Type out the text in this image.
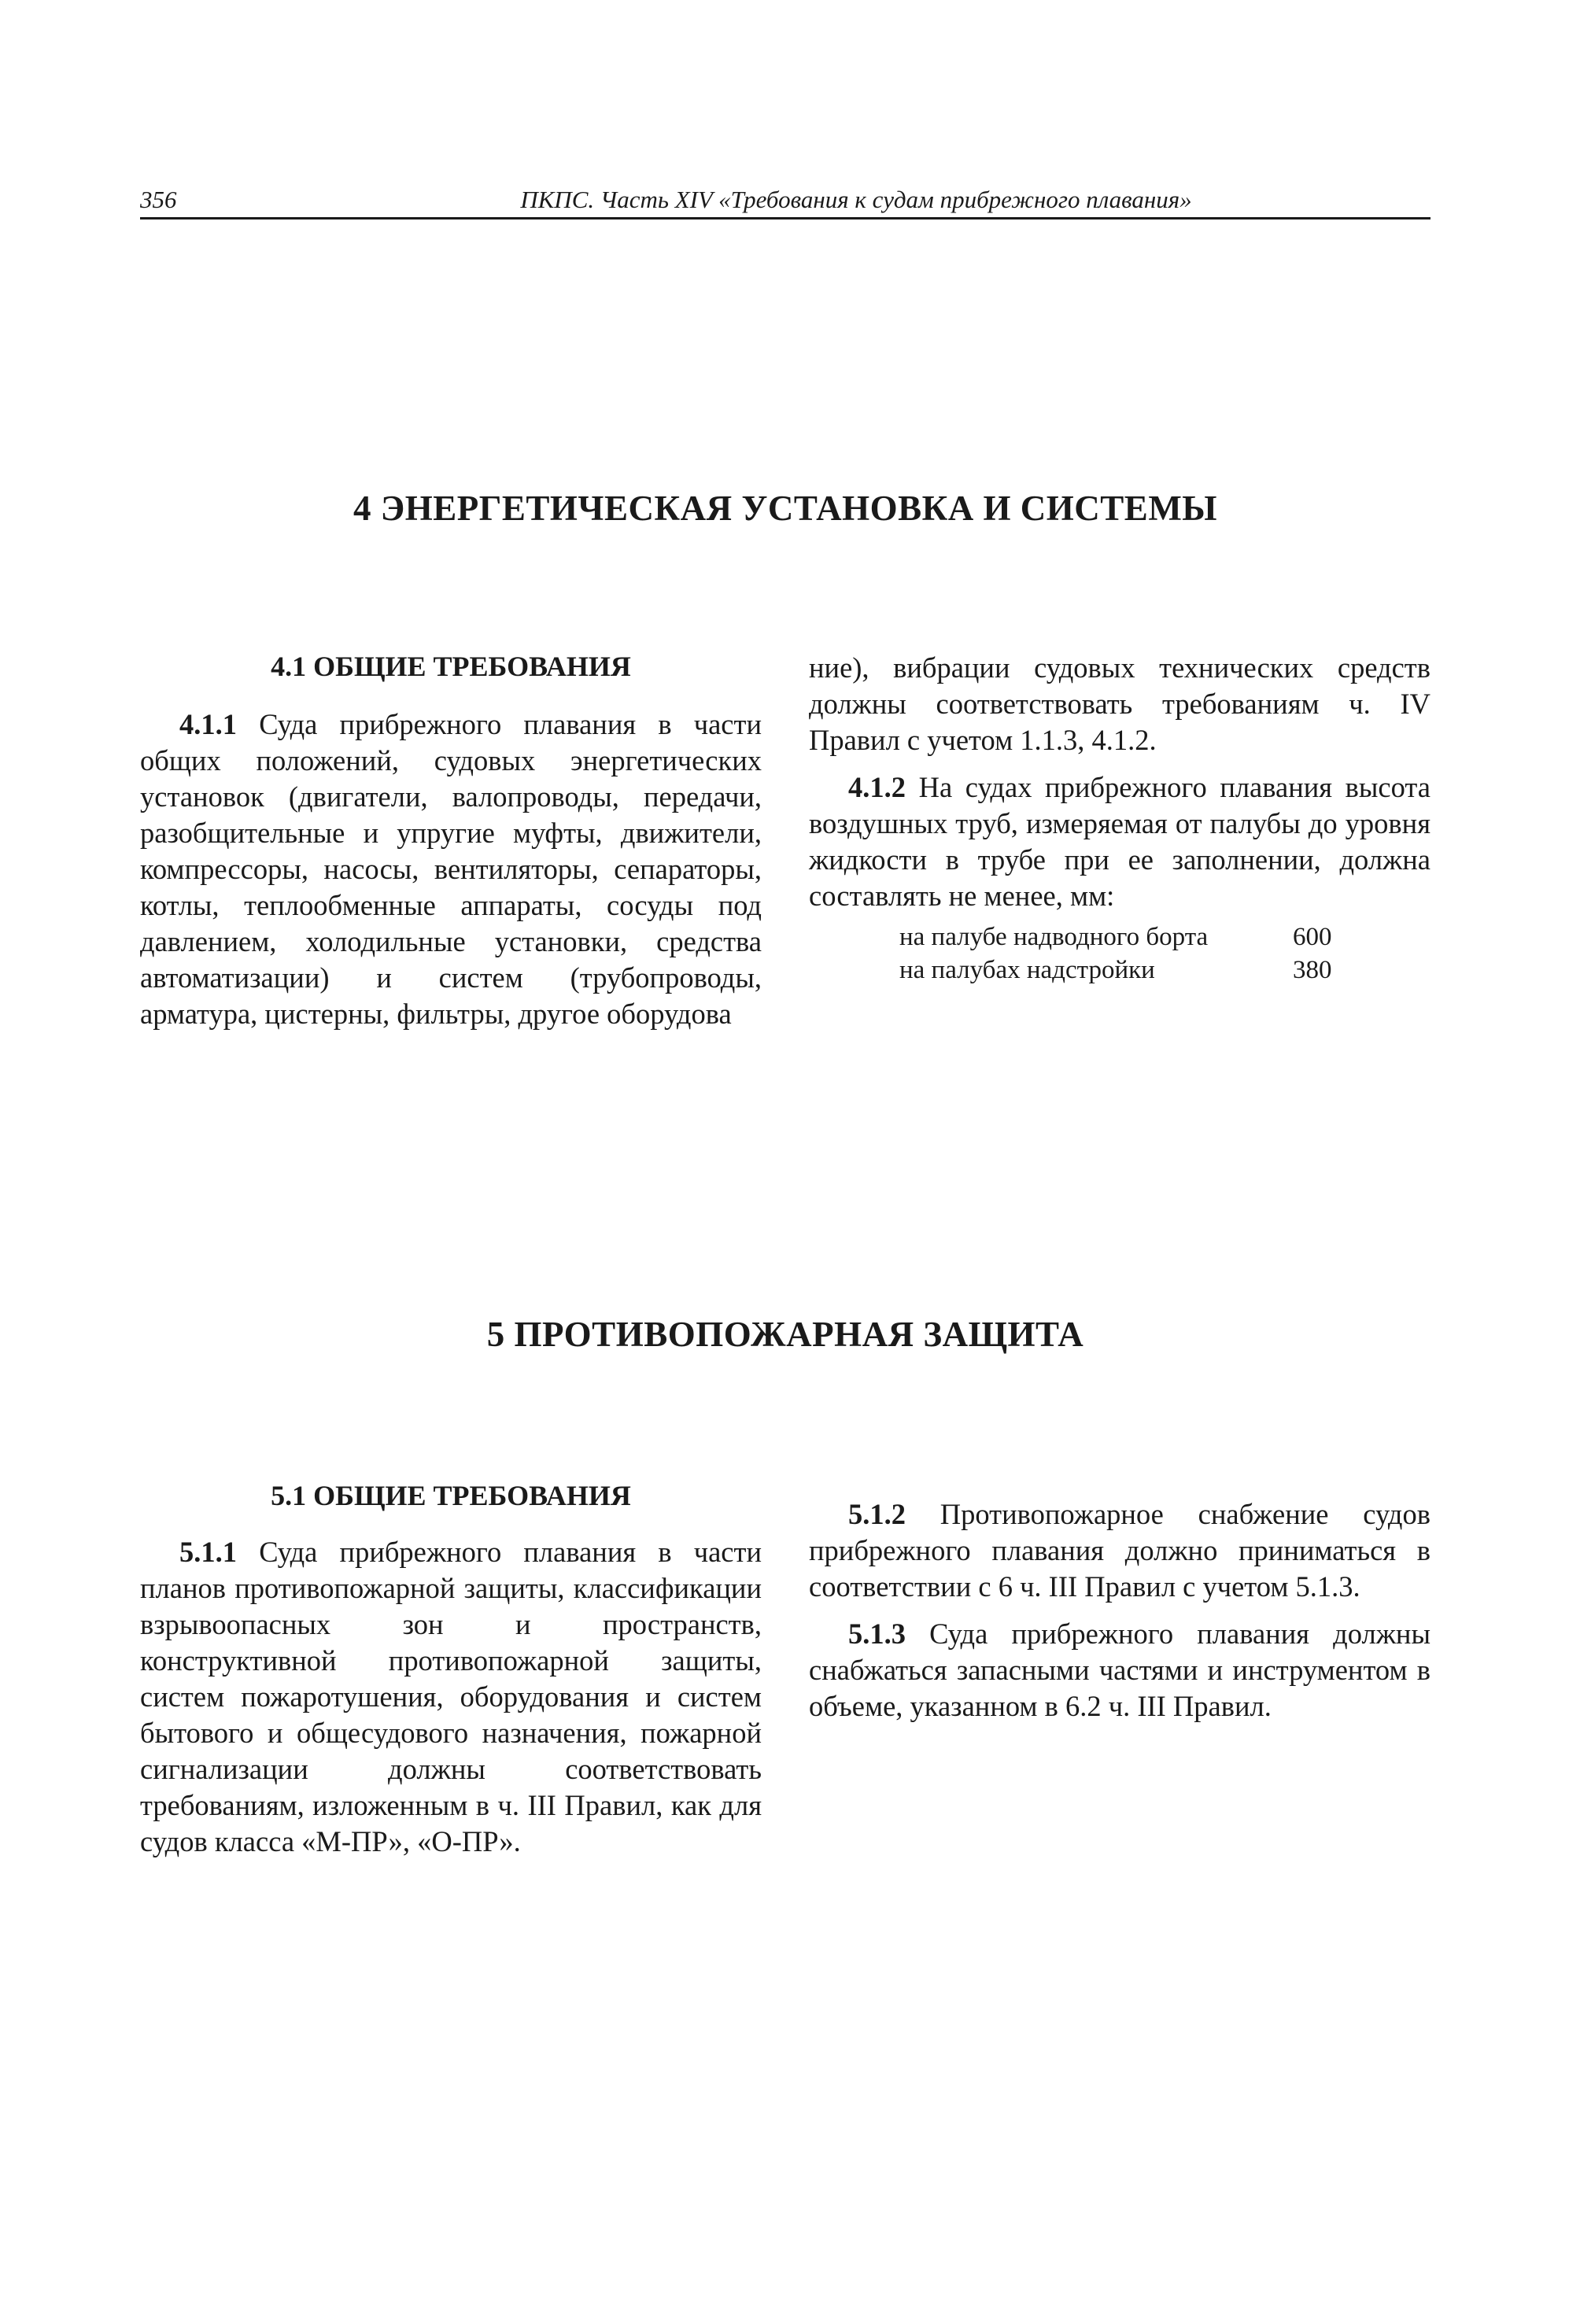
356	ПКПС. Часть XIV «Требования к судам прибрежного плавания»
4 ЭНЕРГЕТИЧЕСКАЯ УСТАНОВКА И СИСТЕМЫ
4.1 ОБЩИЕ ТРЕБОВАНИЯ

4.1.1 Суда прибрежного плавания в части общих положений, судовых энергетических установок (двигатели, валопроводы, передачи, разобщительные и упругие муфты, движители, компрессоры, насосы, вентиляторы, сепараторы, котлы, теплообменные аппараты, сосуды под давлением, холодильные установки, средства автоматизации) и систем (трубопроводы, арматура, цистерны, фильтры, другое оборудова

ние), вибрации судовых технических средств должны соответствовать требованиям ч. IV Правил с учетом 1.1.3, 4.1.2.

4.1.2 На судах прибрежного плавания высота воздушных труб, измеряемая от палубы до уровня жидкости в трубе при ее заполнении, должна составлять не менее, мм:

на палубе надводного борта	600
на палубах надстройки	380
5 ПРОТИВОПОЖАРНАЯ ЗАЩИТА
5.1 ОБЩИЕ ТРЕБОВАНИЯ

5.1.1 Суда прибрежного плавания в части планов противопожарной защиты, классификации взрывоопасных зон и пространств, конструктивной противопожарной защиты, систем пожаротушения, оборудования и систем бытового и общесудового назначения, пожарной сигнализации должны соответствовать требованиям, изложенным в ч. III Правил, как для судов класса «М-ПР», «О-ПР».

5.1.2 Противопожарное снабжение судов прибрежного плавания должно приниматься в соответствии с 6 ч. III Правил с учетом 5.1.3.

5.1.3 Суда прибрежного плавания должны снабжаться запасными частями и инструментом в объеме, указанном в 6.2 ч. III Правил.
